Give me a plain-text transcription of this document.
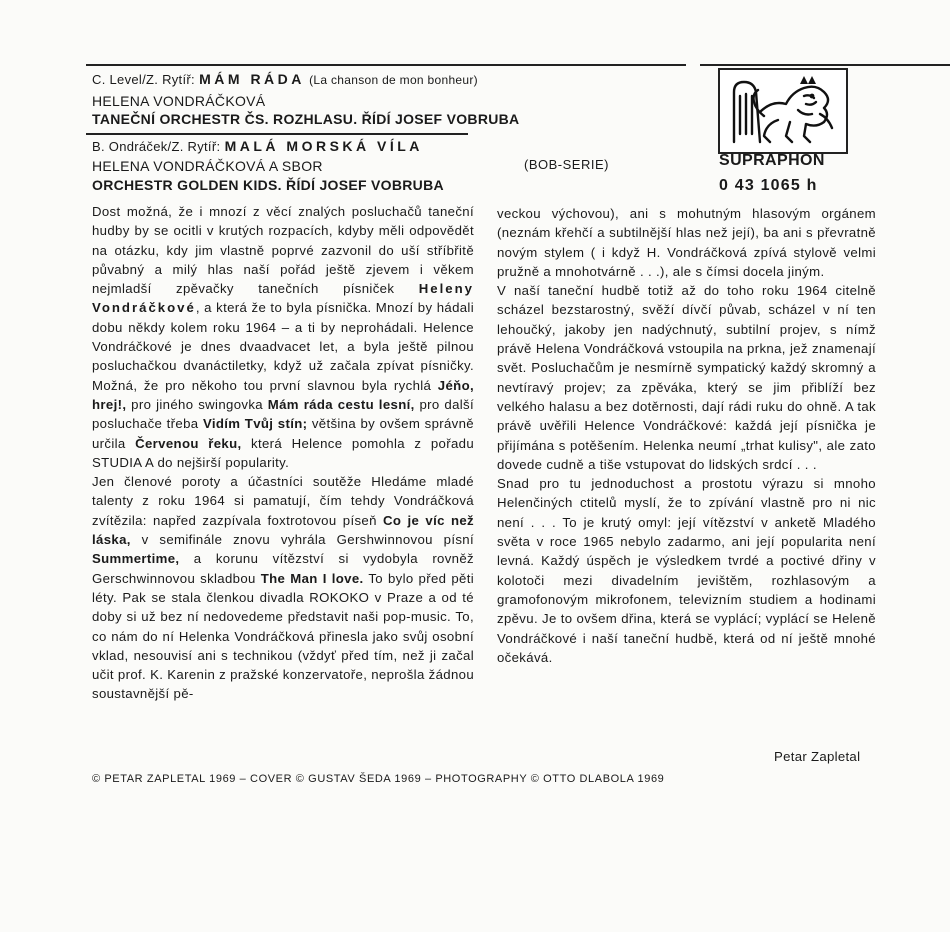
C. Level/Z. Rytíř: MÁM RÁDA (La chanson de mon bonheur)
HELENA VONDRÁČKOVÁ
TANEČNÍ ORCHESTR ČS. ROZHLASU. ŘÍDÍ JOSEF VOBRUBA
B. Ondráček/Z. Rytíř: MALÁ MORSKÁ VÍLA
HELENA VONDRÁČKOVÁ A SBOR
ORCHESTR GOLDEN KIDS. ŘÍDÍ JOSEF VOBRUBA
(BOB-SERIE)	SUPRAPHON
0 43 1065 h

Dost možná, že i mnozí z věcí znalých posluchačů taneční hudby by se ocitli v krutých rozpacích, kdyby měli odpovědět na otázku, kdy jim vlastně poprvé zazvonil do uší stříbřitě půvabný a milý hlas naší pořád ještě zjevem i věkem nejmladší zpěvačky tanečních písniček Heleny Vondráčkové, a která že to byla písnička. Mnozí by hádali dobu někdy kolem roku 1964 – a ti by neprohádali. Helence Vondráčkové je dnes dvaadvacet let, a byla ještě pilnou posluchačkou dvanáctiletky, když už začala zpívat písničky. Možná, že pro někoho tou první slavnou byla rychlá Jéňo, hrej!, pro jiného swingovka Mám ráda cestu lesní, pro další posluchače třeba Vidím Tvůj stín; většina by ovšem správně určila Červenou řeku, která Helence pomohla z pořadu STUDIA A do nejširší popularity.

Jen členové poroty a účastníci soutěže Hledáme mladé talenty z roku 1964 si pamatují, čím tehdy Vondráčková zvítězila: napřed zazpívala foxtrotovou píseň Co je víc než láska, v semifinále znovu vyhrála Gershwinnovou písní Summertime, a korunu vítězství si vydobyla rovněž Gerschwinnovou skladbou The Man I love. To bylo před pěti léty. Pak se stala členkou divadla ROKOKO v Praze a od té doby si už bez ní nedovedeme představit naši pop-music. To, co nám do ní Helenka Vondráčková přinesla jako svůj osobní vklad, nesouvisí ani s technikou (vždyť před tím, než ji začal učit prof. K. Karenin z pražské konzervatoře, neprošla žádnou soustavnější pě-

veckou výchovou), ani s mohutným hlasovým orgánem (neznám křehčí a subtilnější hlas než její), ba ani s převratně novým stylem ( i když H. Vondráčková zpívá stylově velmi pružně a mnohotvárně . . .), ale s čímsi docela jiným.

V naší taneční hudbě totiž až do toho roku 1964 citelně scházel bezstarostný, svěží dívčí půvab, scházel v ní ten lehoučký, jakoby jen nadýchnutý, subtilní projev, s nímž právě Helena Vondráčková vstoupila na prkna, jež znamenají svět. Posluchačům je nesmírně sympatický každý skromný a nevtíravý projev; za zpěváka, který se jim přiblíží bez velkého halasu a bez dotěrnosti, dají rádi ruku do ohně. A tak právě uvěřili Helence Vondráčkové: každá její písnička je přijímána s potěšením. Helenka neumí „trhat kulisy", ale zato dovede cudně a tiše vstupovat do lidských srdcí . . .

Snad pro tu jednoduchost a prostotu výrazu si mnoho Helenčiných ctitelů myslí, že to zpívání vlastně pro ni nic není . . . To je krutý omyl: její vítězství v anketě Mladého světa v roce 1965 nebylo zadarmo, ani její popularita není levná. Každý úspěch je výsledkem tvrdé a poctivé dřiny v kolotoči mezi divadelním jevištěm, rozhlasovým a gramofonovým mikrofonem, televizním studiem a hodinami zpěvu. Je to ovšem dřina, která se vyplácí; vyplácí se Heleně Vondráčkové i naší taneční hudbě, která od ní ještě mnohé očekává.

Petar Zapletal
© PETAR ZAPLETAL 1969 – COVER © GUSTAV ŠEDA 1969 – PHOTOGRAPHY © OTTO DLABOLA 1969
